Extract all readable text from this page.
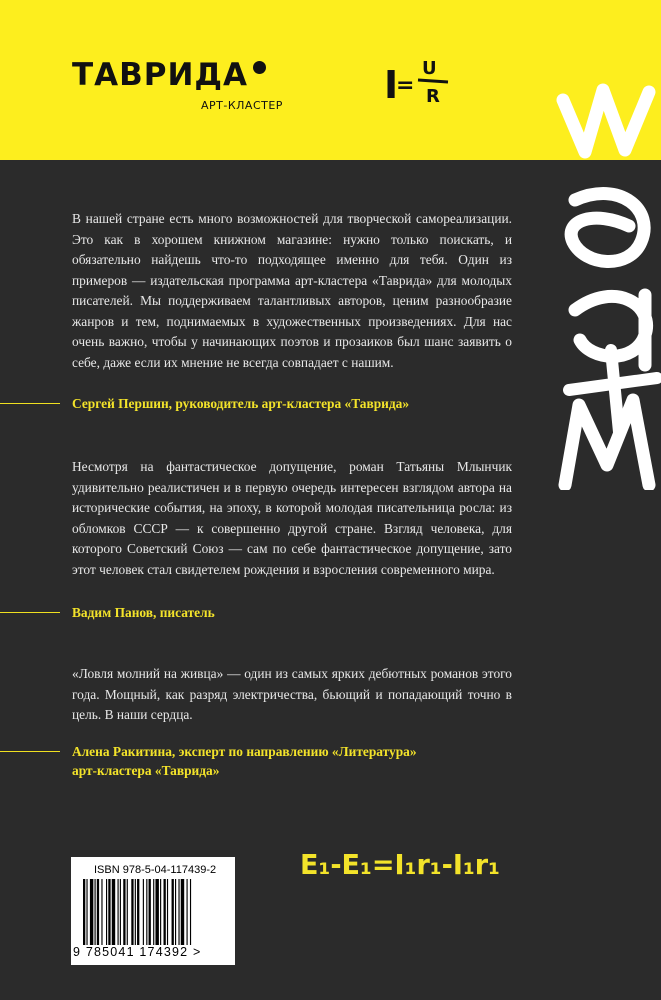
ТАВРИДА
АРТ-КЛАСТЕР	I
=
U
R

В нашей стране есть много возможностей для творческой самореализации. Это как в хорошем книжном магазине: нужно только поискать, и обязательно найдешь что-то подходящее именно для тебя. Один из примеров — издательская программа арт-кластера «Таврида» для молодых писателей. Мы поддерживаем талантливых авторов, ценим разнообразие жанров и тем, поднимаемых в художественных произведениях. Для нас очень важно, чтобы у начинающих поэтов и прозаиков был шанс заявить о себе, даже если их мнение не всегда совпадает с нашим.

Сергей Першин, руководитель арт-кластера «Таврида»

Несмотря на фантастическое допущение, роман Татьяны Млынчик удивительно реалистичен и в первую очередь интересен взглядом автора на исторические события, на эпоху, в которой молодая писательница росла: из обломков СССР — к совершенно другой стране. Взгляд человека, для которого Советский Союз — сам по себе фантастическое допущение, зато этот человек стал свидетелем рождения и взросления современного мира.

Вадим Панов, писатель

«Ловля молний на живца» — один из самых ярких дебютных романов этого года. Мощный, как разряд электричества, бьющий и попадающий точно в цель. В наши сердца.

Алена Ракитина, эксперт по направлению «Литература»
арт-кластера «Таврида»
E₁-E₁=I₁r₁-I₁r₁
ISBN 978-5-04-117439-2
9 785041 174392 >
